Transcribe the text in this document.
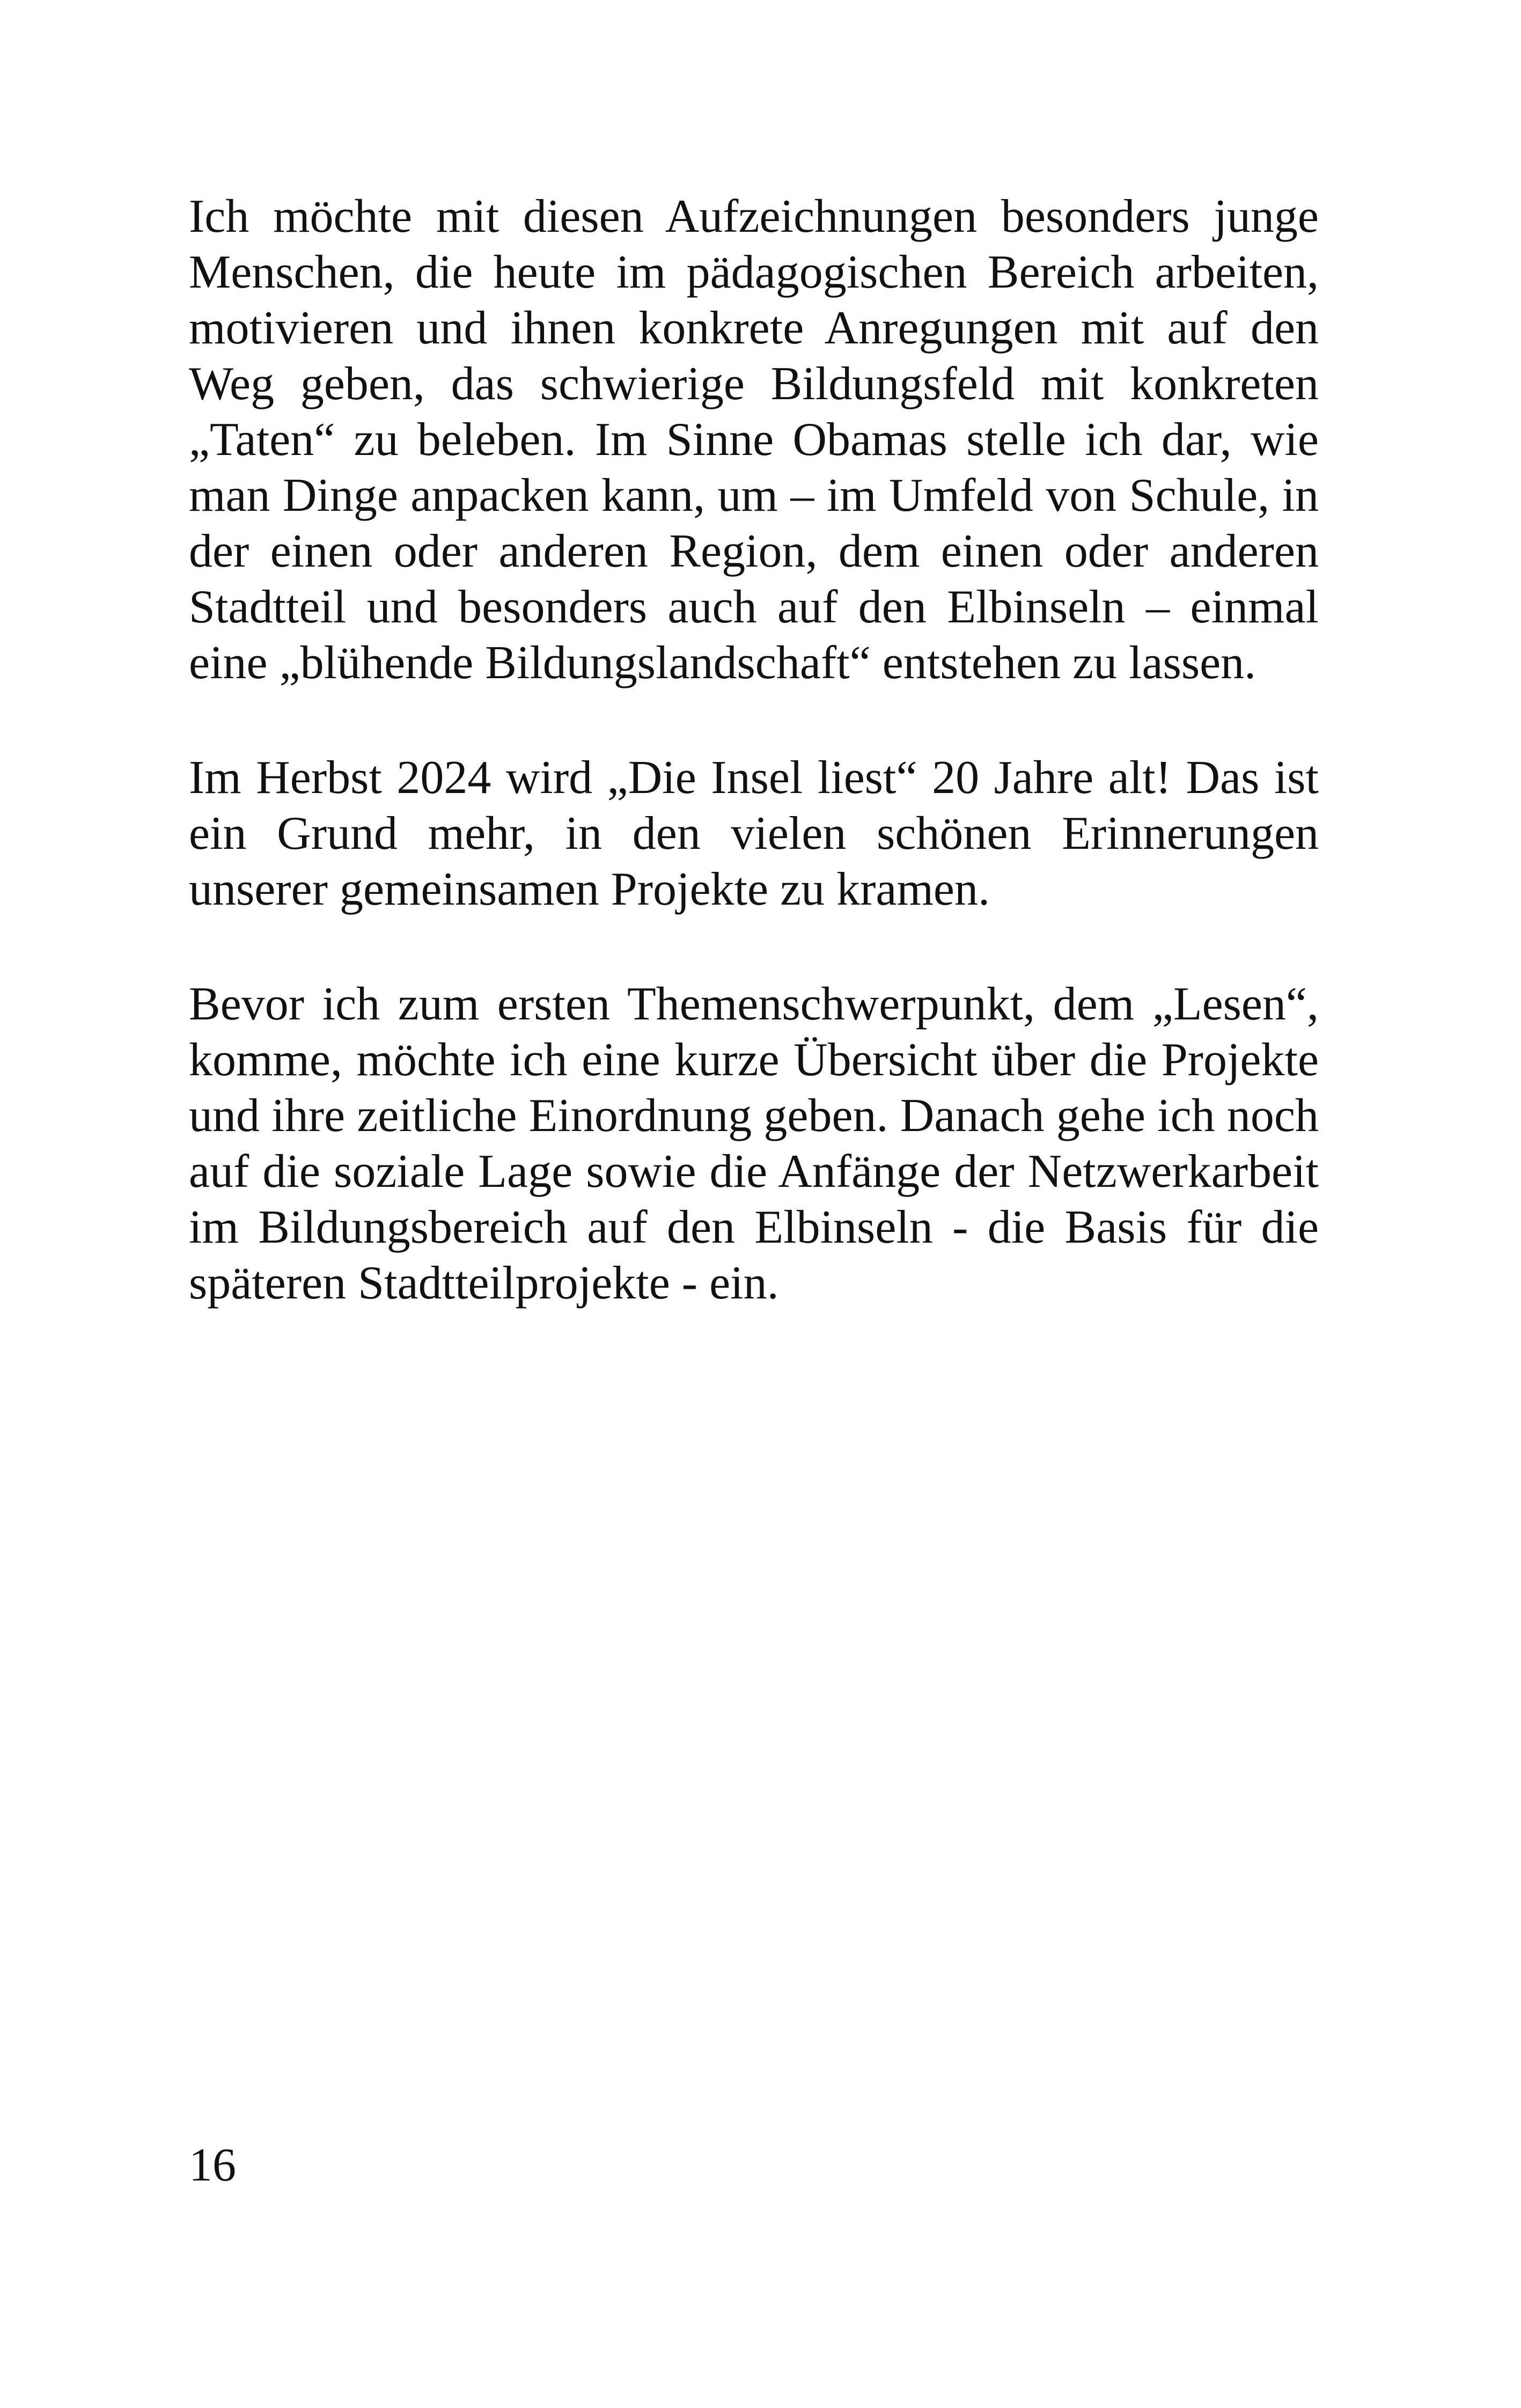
Ich möchte mit diesen Aufzeichnungen besonders junge Menschen, die heute im pädagogischen Bereich arbeiten, motivieren und ihnen konkrete Anregungen mit auf den Weg geben, das schwierige Bildungsfeld mit konkreten „Taten“ zu beleben. Im Sinne Obamas stelle ich dar, wie man Dinge anpacken kann, um – im Umfeld von Schule, in der einen oder anderen Region, dem einen oder anderen Stadtteil und besonders auch auf den Elbinseln – einmal eine „blühende Bildungslandschaft“ entstehen zu lassen.

Im Herbst 2024 wird „Die Insel liest“ 20 Jahre alt! Das ist ein Grund mehr, in den vielen schönen Erinnerungen unserer gemeinsamen Projekte zu kramen.

Bevor ich zum ersten Themenschwerpunkt, dem „Lesen“, komme, möchte ich eine kurze Übersicht über die Projekte und ihre zeitliche Einordnung geben. Danach gehe ich noch auf die soziale Lage sowie die Anfänge der Netzwerkarbeit im Bildungsbereich auf den Elbinseln - die Basis für die späteren Stadtteilprojekte - ein.

16
